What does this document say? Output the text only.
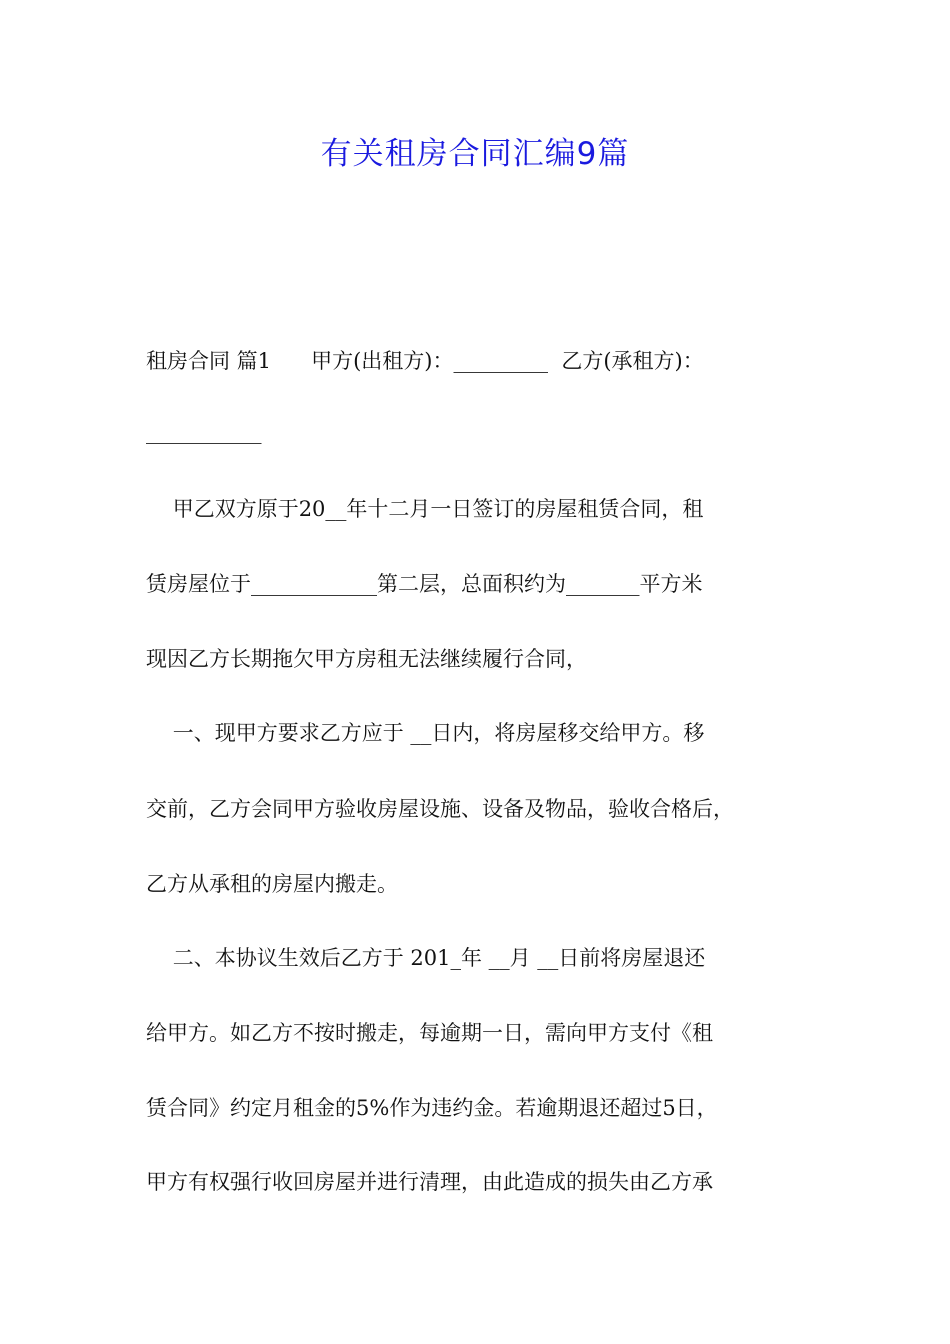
有关租房合同汇编9篇

租房合同 篇1      甲方(出租方)：_________  乙方(承租方)：

___________

甲乙双方原于20__年十二月一日签订的房屋租赁合同，租

赁房屋位于____________第二层，总面积约为_______平方米

现因乙方长期拖欠甲方房租无法继续履行合同，

一、现甲方要求乙方应于 __日内，将房屋移交给甲方。移

交前，乙方会同甲方验收房屋设施、设备及物品，验收合格后，

乙方从承租的房屋内搬走。

二、本协议生效后乙方于 201_年 __月 __日前将房屋退还

给甲方。如乙方不按时搬走，每逾期一日，需向甲方支付《租

赁合同》约定月租金的5%作为违约金。若逾期退还超过5日，

甲方有权强行收回房屋并进行清理，由此造成的损失由乙方承
